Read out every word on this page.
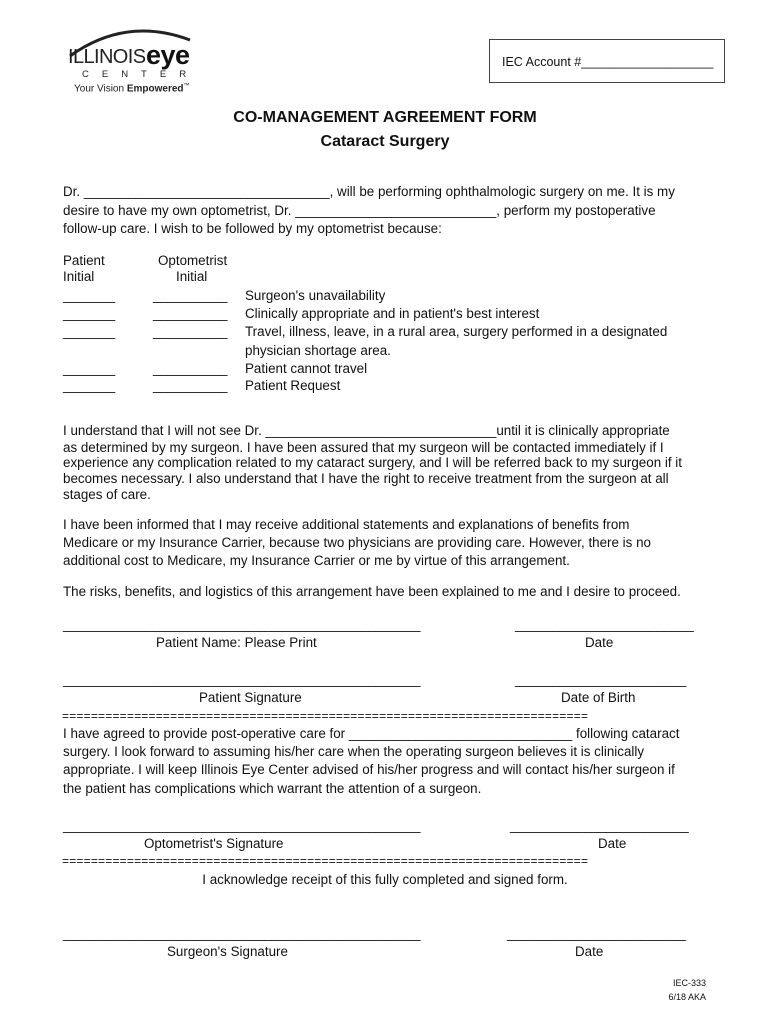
ILLINOIS eye
CENTER
Your Vision Empowered™
IEC Account #___________________
CO-MANAGEMENT AGREEMENT FORM
Cataract Surgery
Dr. _________________________________, will be performing ophthalmologic surgery on me. It is my
desire to have my own optometrist, Dr. ___________________________, perform my postoperative
follow-up care. I wish to be followed by my optometrist because:
Patient
Initial
Optometrist
Initial
_______	__________ Surgeon's unavailability
_______	__________ Clinically appropriate and in patient's best interest
_______	__________ Travel, illness, leave, in a rural area, surgery performed in a designated
physician shortage area.
_______	__________ Patient cannot travel
_______	__________ Patient Request
I understand that I will not see Dr. _______________________________until it is clinically appropriate
as determined by my surgeon. I have been assured that my surgeon will be contacted immediately if I
experience any complication related to my cataract surgery, and I will be referred back to my surgeon if it
becomes necessary. I also understand that I have the right to receive treatment from the surgeon at all
stages of care.
I have been informed that I may receive additional statements and explanations of benefits from
Medicare or my Insurance Carrier, because two physicians are providing care. However, there is no
additional cost to Medicare, my Insurance Carrier or me by virtue of this arrangement.
The risks, benefits, and logistics of this arrangement have been explained to me and I desire to proceed.
________________________________________________	________________________
Patient Name: Please Print	Date
________________________________________________	_______________________
Patient Signature	Date of Birth
=========================================================================
I have agreed to provide post-operative care for ______________________________ following cataract
surgery. I look forward to assuming his/her care when the operating surgeon believes it is clinically
appropriate. I will keep Illinois Eye Center advised of his/her progress and will contact his/her surgeon if
the patient has complications which warrant the attention of a surgeon.
________________________________________________	________________________
Optometrist's Signature	Date
=========================================================================
I acknowledge receipt of this fully completed and signed form.
________________________________________________	________________________
Surgeon's Signature	Date
IEC-333
6/18 AKA
